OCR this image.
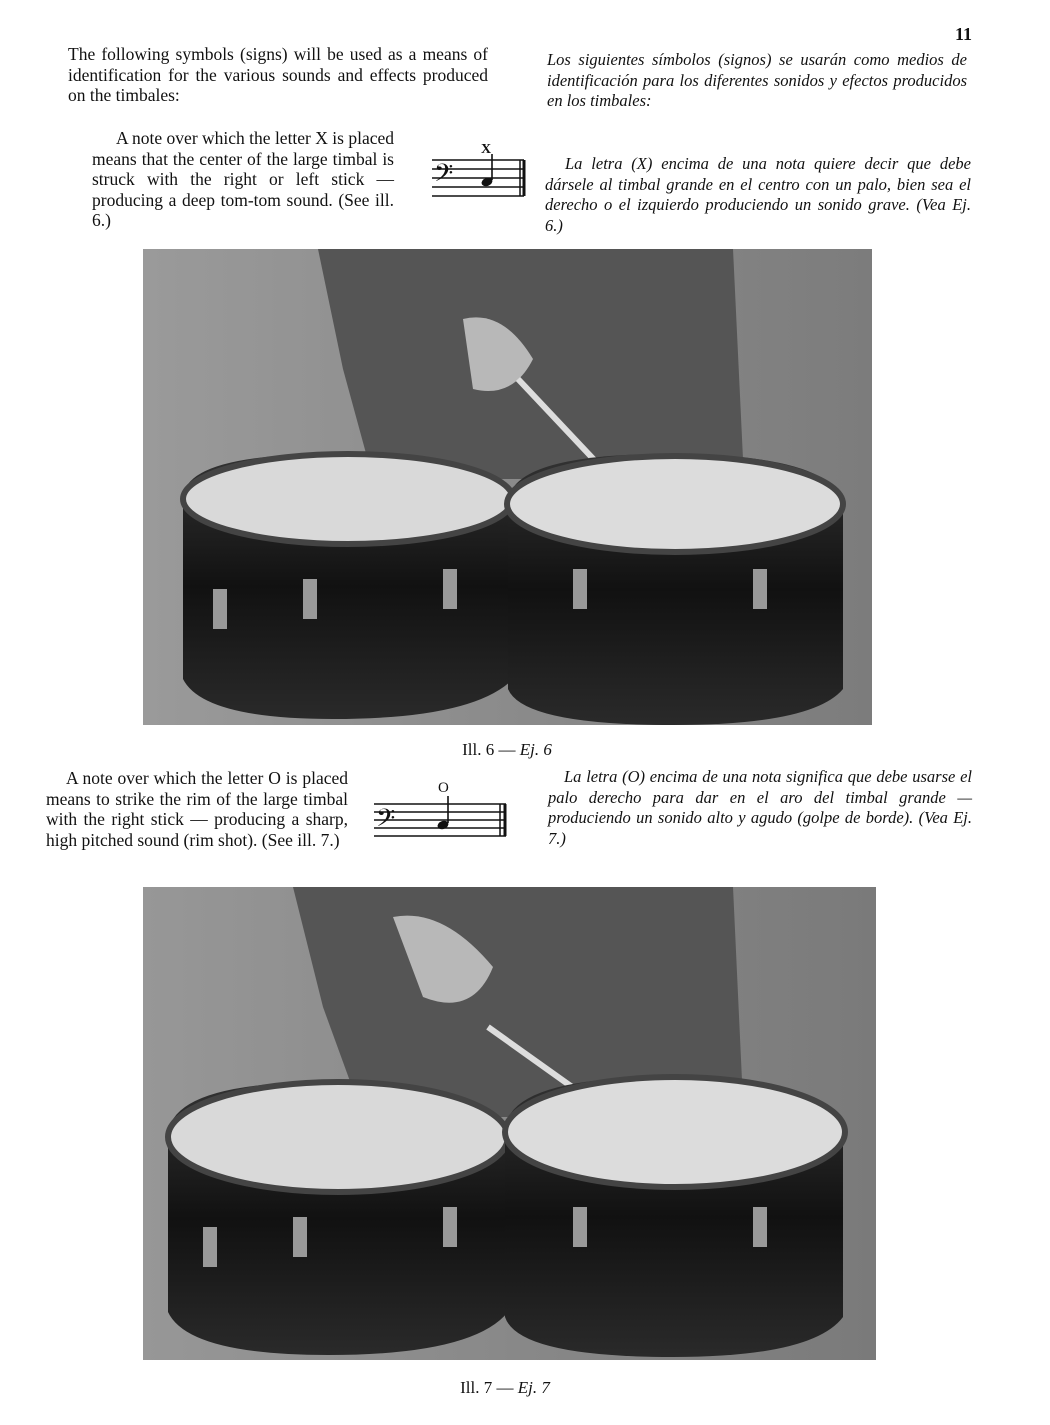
11

The following symbols (signs) will be used as a means of identification for the various sounds and effects produced on the timbales:

Los siguientes símbolos (signos) se usarán como medios de identificación para los diferentes sonidos y efectos producidos en los timbales:

A note over which the letter X is placed means that the center of the large timbal is struck with the right or left stick — producing a deep tom-tom sound. (See ill. 6.)

𝄢
X

La letra (X) encima de una nota quiere decir que debe dársele al timbal grande en el centro con un palo, bien sea el derecho o el izquierdo produciendo un sonido grave. (Vea Ej. 6.)

Ill. 6 — Ej. 6

A note over which the letter O is placed means to strike the rim of the large timbal with the right stick — producing a sharp, high pitched sound (rim shot). (See ill. 7.)

𝄢
O

La letra (O) encima de una nota significa que debe usarse el palo derecho para dar en el aro del timbal grande — produciendo un sonido alto y agudo (golpe de borde). (Vea Ej. 7.)

Ill. 7 — Ej. 7
